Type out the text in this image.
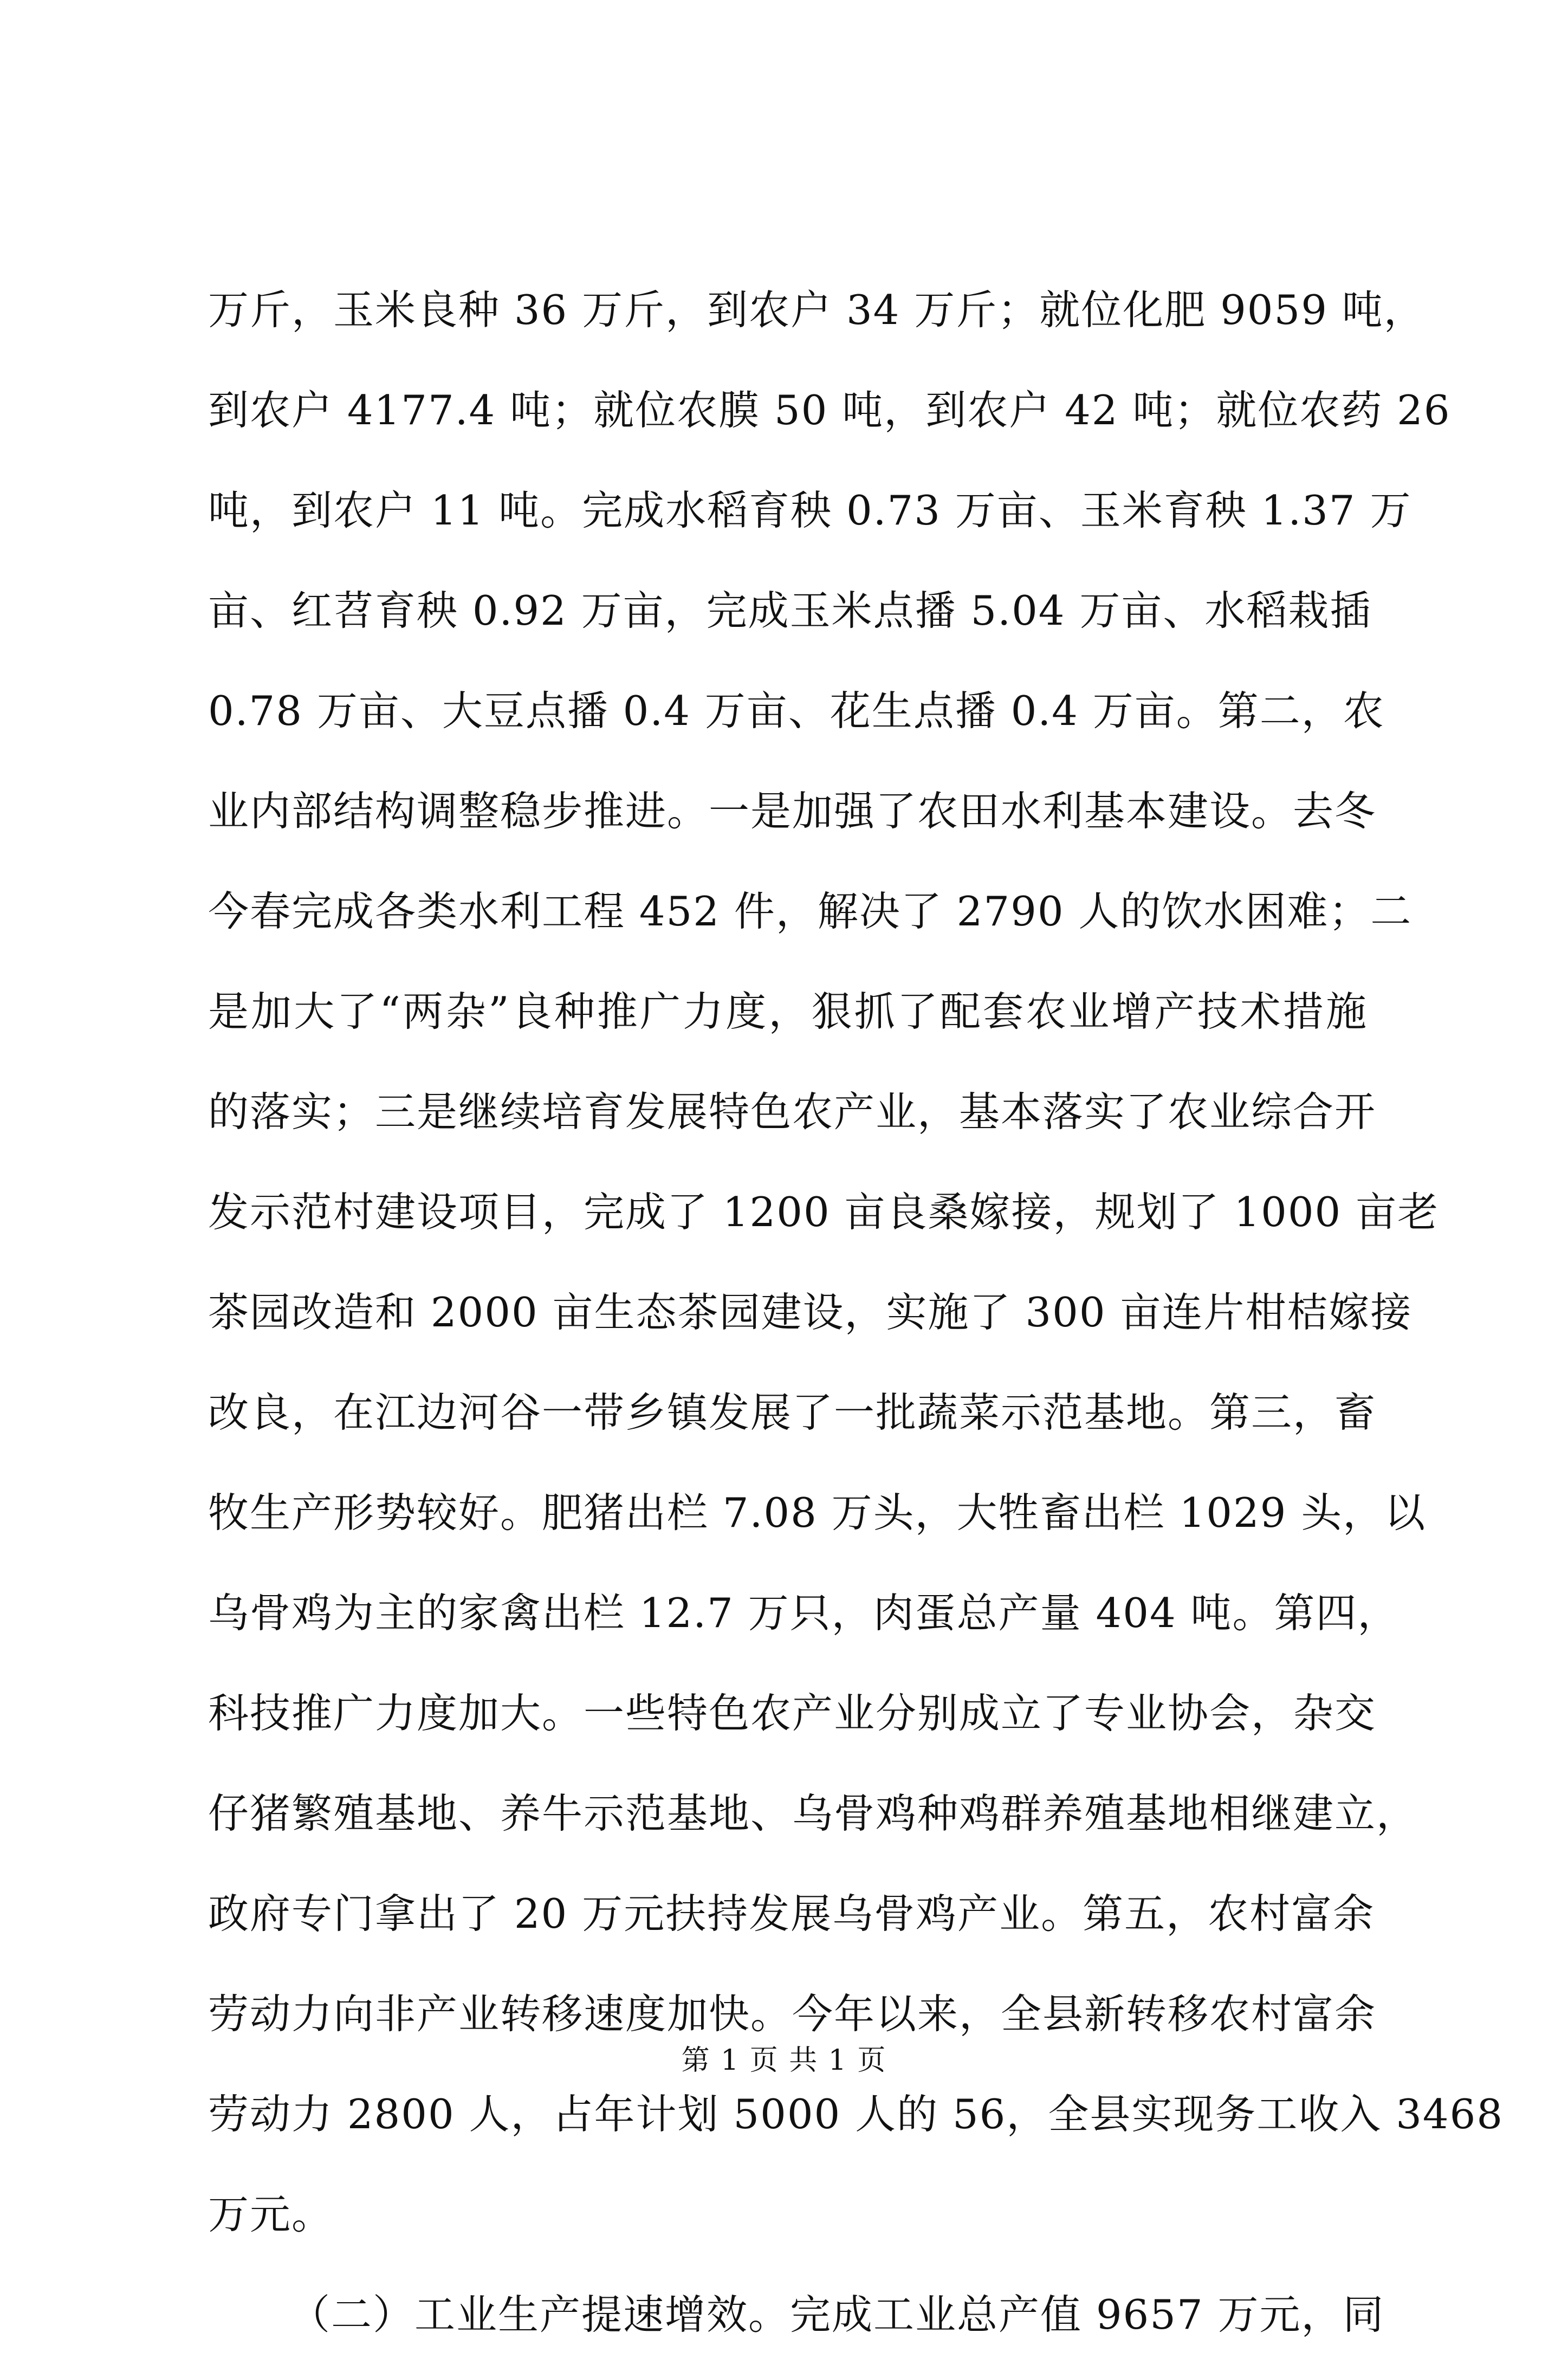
万斤，玉米良种 36 万斤，到农户 34 万斤；就位化肥 9059 吨，
到农户 4177.4 吨；就位农膜 50 吨，到农户 42 吨；就位农药 26
吨，到农户 11 吨。完成水稻育秧 0.73 万亩、玉米育秧 1.37 万
亩、红苕育秧 0.92 万亩，完成玉米点播 5.04 万亩、水稻栽插
0.78 万亩、大豆点播 0.4 万亩、花生点播 0.4 万亩。第二，农
业内部结构调整稳步推进。一是加强了农田水利基本建设。去冬
今春完成各类水利工程 452 件，解决了 2790 人的饮水困难；二
是加大了“两杂”良种推广力度，狠抓了配套农业增产技术措施
的落实；三是继续培育发展特色农产业，基本落实了农业综合开
发示范村建设项目，完成了 1200 亩良桑嫁接，规划了 1000 亩老
茶园改造和 2000 亩生态茶园建设，实施了 300 亩连片柑桔嫁接
改良，在江边河谷一带乡镇发展了一批蔬菜示范基地。第三，畜
牧生产形势较好。肥猪出栏 7.08 万头，大牲畜出栏 1029 头，以
乌骨鸡为主的家禽出栏 12.7 万只，肉蛋总产量 404 吨。第四，
科技推广力度加大。一些特色农产业分别成立了专业协会，杂交
仔猪繁殖基地、养牛示范基地、乌骨鸡种鸡群养殖基地相继建立，
政府专门拿出了 20 万元扶持发展乌骨鸡产业。第五，农村富余
劳动力向非产业转移速度加快。今年以来，全县新转移农村富余
劳动力 2800 人，占年计划 5000 人的 56，全县实现务工收入 3468
万元。
（二）工业生产提速增效。完成工业总产值 9657 万元，同
第 1 页 共 1 页
